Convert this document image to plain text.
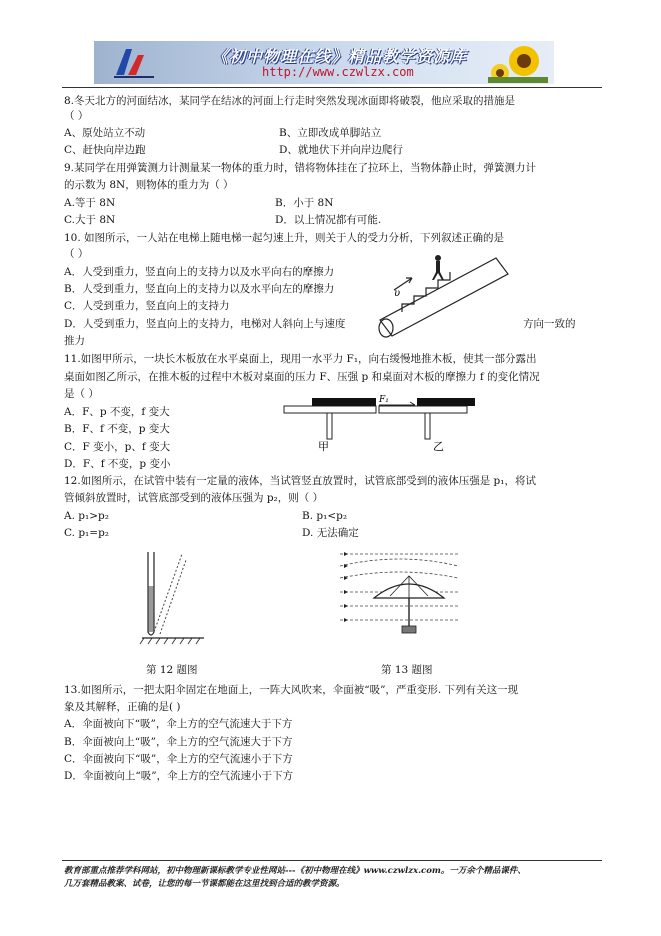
《初中物理在线》精品教学资源库
http://www.czwlzx.com
8.冬天北方的河面结冰，某同学在结冰的河面上行走时突然发现冰面即将破裂，他应采取的措施是
（ ）
A、原处站立不动	B、立即改成单脚站立
C、赶快向岸边跑	D、就地伏下并向岸边爬行
9.某同学在用弹簧测力计测量某一物体的重力时，错将物体挂在了拉环上，当物体静止时，弹簧测力计
的示数为 8N，则物体的重力为（ ）
A.等于 8N	B．小于 8N
C.大于 8N	D．以上情况都有可能.
10. 如图所示，一人站在电梯上随电梯一起匀速上升，则关于人的受力分析，下列叙述正确的是
（ ）
A．人受到重力，竖直向上的支持力以及水平向右的摩擦力
B．人受到重力，竖直向上的支持力以及水平向左的摩擦力
C．人受到重力，竖直向上的支持力
D．人受到重力，竖直向上的支持力，电梯对人斜向上与速度	方向一致的
推力
υ
11.如图甲所示，一块长木板放在水平桌面上，现用一水平力 F₁，向右缓慢地推木板，使其一部分露出
桌面如图乙所示，在推木板的过程中木板对桌面的压力 F、压强 p 和桌面对木板的摩擦力 f 的变化情况
是（ ）
A．F、p 不变，f 变大
B．F、f 不变，p 变大
C．F 变小，p、f 变大
D．F、f 不变，p 变小
甲
F₁
乙
12.如图所示，在试管中装有一定量的液体，当试管竖直放置时，试管底部受到的液体压强是 p₁，将试
管倾斜放置时，试管底部受到的液体压强为 p₂，则（ ）
A. p₁>p₂	B. p₁<p₂
C. p₁=p₂	D. 无法确定
第 12 题图	第 13 题图
13.如图所示，一把太阳伞固定在地面上，一阵大风吹来，伞面被“吸”，严重变形. 下列有关这一现
象及其解释，正确的是( )
A．伞面被向下“吸”，伞上方的空气流速大于下方
B．伞面被向上“吸”，伞上方的空气流速大于下方
C．伞面被向下“吸”，伞上方的空气流速小于下方
D．伞面被向上“吸”，伞上方的空气流速小于下方
教育部重点推荐学科网站，初中物理新课标教学专业性网站---《初中物理在线》www.czwlzx.com。一万余个精品课件、
几万套精品教案、试卷，让您的每一节课都能在这里找到合适的教学资源。
